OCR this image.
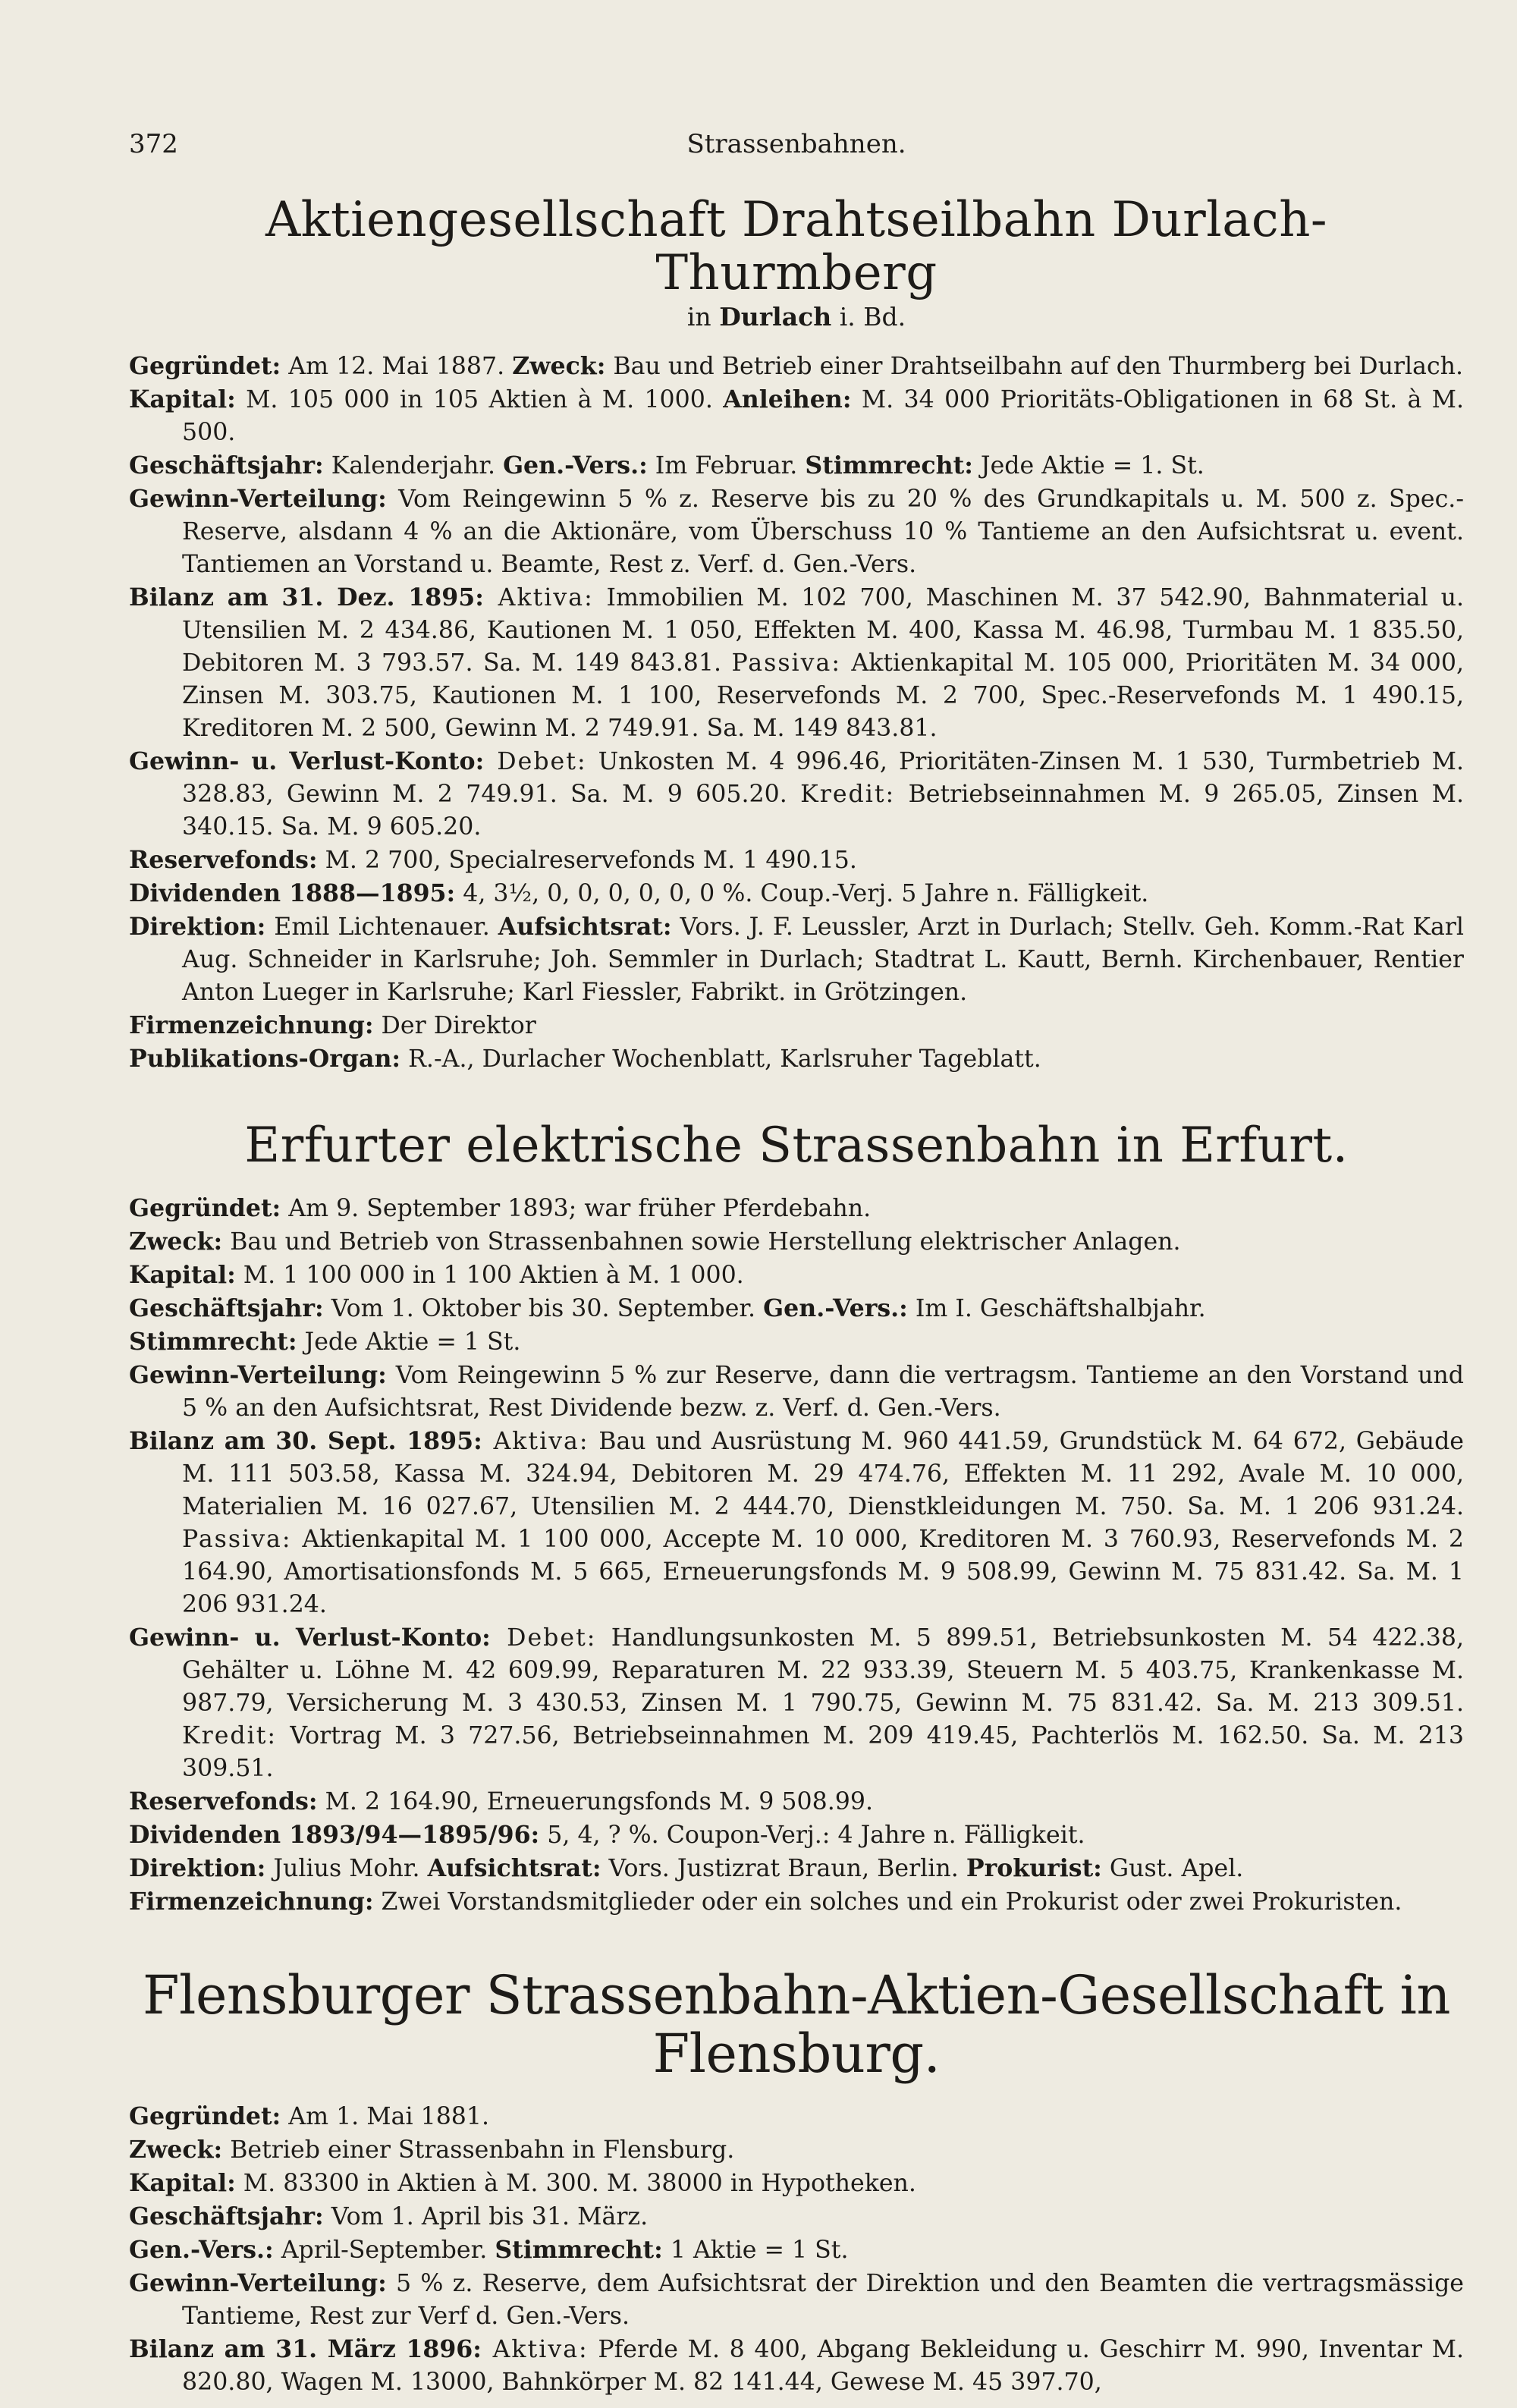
372	Strassenbahnen.
Aktiengesellschaft Drahtseilbahn Durlach-Thurmberg
in Durlach i. Bd.

Gegründet: Am 12. Mai 1887. Zweck: Bau und Betrieb einer Drahtseilbahn auf den Thurmberg bei Durlach.

Kapital: M. 105 000 in 105 Aktien à M. 1000. Anleihen: M. 34 000 Prioritäts-Obligationen in 68 St. à M. 500.

Geschäftsjahr: Kalenderjahr. Gen.-Vers.: Im Februar. Stimmrecht: Jede Aktie = 1. St.

Gewinn-Verteilung: Vom Reingewinn 5 % z. Reserve bis zu 20 % des Grundkapitals u. M. 500 z. Spec.-Reserve, alsdann 4 % an die Aktionäre, vom Überschuss 10 % Tantieme an den Aufsichtsrat u. event. Tantiemen an Vorstand u. Beamte, Rest z. Verf. d. Gen.-Vers.

Bilanz am 31. Dez. 1895: Aktiva: Immobilien M. 102 700, Maschinen M. 37 542.90, Bahnmaterial u. Utensilien M. 2 434.86, Kautionen M. 1 050, Effekten M. 400, Kassa M. 46.98, Turmbau M. 1 835.50, Debitoren M. 3 793.57. Sa. M. 149 843.81. Passiva: Aktienkapital M. 105 000, Prioritäten M. 34 000, Zinsen M. 303.75, Kautionen M. 1 100, Reservefonds M. 2 700, Spec.-Reservefonds M. 1 490.15, Kreditoren M. 2 500, Gewinn M. 2 749.91. Sa. M. 149 843.81.

Gewinn- u. Verlust-Konto: Debet: Unkosten M. 4 996.46, Prioritäten-Zinsen M. 1 530, Turmbetrieb M. 328.83, Gewinn M. 2 749.91. Sa. M. 9 605.20. Kredit: Betriebseinnahmen M. 9 265.05, Zinsen M. 340.15. Sa. M. 9 605.20.

Reservefonds: M. 2 700, Specialreservefonds M. 1 490.15.

Dividenden 1888—1895: 4, 3½, 0, 0, 0, 0, 0, 0 %. Coup.-Verj. 5 Jahre n. Fälligkeit.

Direktion: Emil Lichtenauer. Aufsichtsrat: Vors. J. F. Leussler, Arzt in Durlach; Stellv. Geh. Komm.-Rat Karl Aug. Schneider in Karlsruhe; Joh. Semmler in Durlach; Stadtrat L. Kautt, Bernh. Kirchenbauer, Rentier Anton Lueger in Karlsruhe; Karl Fiessler, Fabrikt. in Grötzingen.

Firmenzeichnung: Der Direktor

Publikations-Organ: R.-A., Durlacher Wochenblatt, Karlsruher Tageblatt.

Erfurter elektrische Strassenbahn in Erfurt.

Gegründet: Am 9. September 1893; war früher Pferdebahn.

Zweck: Bau und Betrieb von Strassenbahnen sowie Herstellung elektrischer Anlagen.

Kapital: M. 1 100 000 in 1 100 Aktien à M. 1 000.

Geschäftsjahr: Vom 1. Oktober bis 30. September. Gen.-Vers.: Im I. Geschäftshalbjahr.

Stimmrecht: Jede Aktie = 1 St.

Gewinn-Verteilung: Vom Reingewinn 5 % zur Reserve, dann die vertragsm. Tantieme an den Vorstand und 5 % an den Aufsichtsrat, Rest Dividende bezw. z. Verf. d. Gen.-Vers.

Bilanz am 30. Sept. 1895: Aktiva: Bau und Ausrüstung M. 960 441.59, Grundstück M. 64 672, Gebäude M. 111 503.58, Kassa M. 324.94, Debitoren M. 29 474.76, Effekten M. 11 292, Avale M. 10 000, Materialien M. 16 027.67, Utensilien M. 2 444.70, Dienstkleidungen M. 750. Sa. M. 1 206 931.24. Passiva: Aktienkapital M. 1 100 000, Accepte M. 10 000, Kreditoren M. 3 760.93, Reservefonds M. 2 164.90, Amortisationsfonds M. 5 665, Erneuerungsfonds M. 9 508.99, Gewinn M. 75 831.42. Sa. M. 1 206 931.24.

Gewinn- u. Verlust-Konto: Debet: Handlungsunkosten M. 5 899.51, Betriebsunkosten M. 54 422.38, Gehälter u. Löhne M. 42 609.99, Reparaturen M. 22 933.39, Steuern M. 5 403.75, Krankenkasse M. 987.79, Versicherung M. 3 430.53, Zinsen M. 1 790.75, Gewinn M. 75 831.42. Sa. M. 213 309.51. Kredit: Vortrag M. 3 727.56, Betriebseinnahmen M. 209 419.45, Pachterlös M. 162.50. Sa. M. 213 309.51.

Reservefonds: M. 2 164.90, Erneuerungsfonds M. 9 508.99.

Dividenden 1893/94—1895/96: 5, 4, ? %. Coupon-Verj.: 4 Jahre n. Fälligkeit.

Direktion: Julius Mohr. Aufsichtsrat: Vors. Justizrat Braun, Berlin. Prokurist: Gust. Apel.

Firmenzeichnung: Zwei Vorstandsmitglieder oder ein solches und ein Prokurist oder zwei Prokuristen.

Flensburger Strassenbahn-Aktien-Gesellschaft in Flensburg.

Gegründet: Am 1. Mai 1881.

Zweck: Betrieb einer Strassenbahn in Flensburg.

Kapital: M. 83300 in Aktien à M. 300. M. 38000 in Hypotheken.

Geschäftsjahr: Vom 1. April bis 31. März.

Gen.-Vers.: April-September. Stimmrecht: 1 Aktie = 1 St.

Gewinn-Verteilung: 5 % z. Reserve, dem Aufsichtsrat der Direktion und den Beamten die vertragsmässige Tantieme, Rest zur Verf d. Gen.-Vers.

Bilanz am 31. März 1896: Aktiva: Pferde M. 8 400, Abgang Bekleidung u. Geschirr M. 990, Inventar M. 820.80, Wagen M. 13000, Bahnkörper M. 82 141.44, Gewese M. 45 397.70,
